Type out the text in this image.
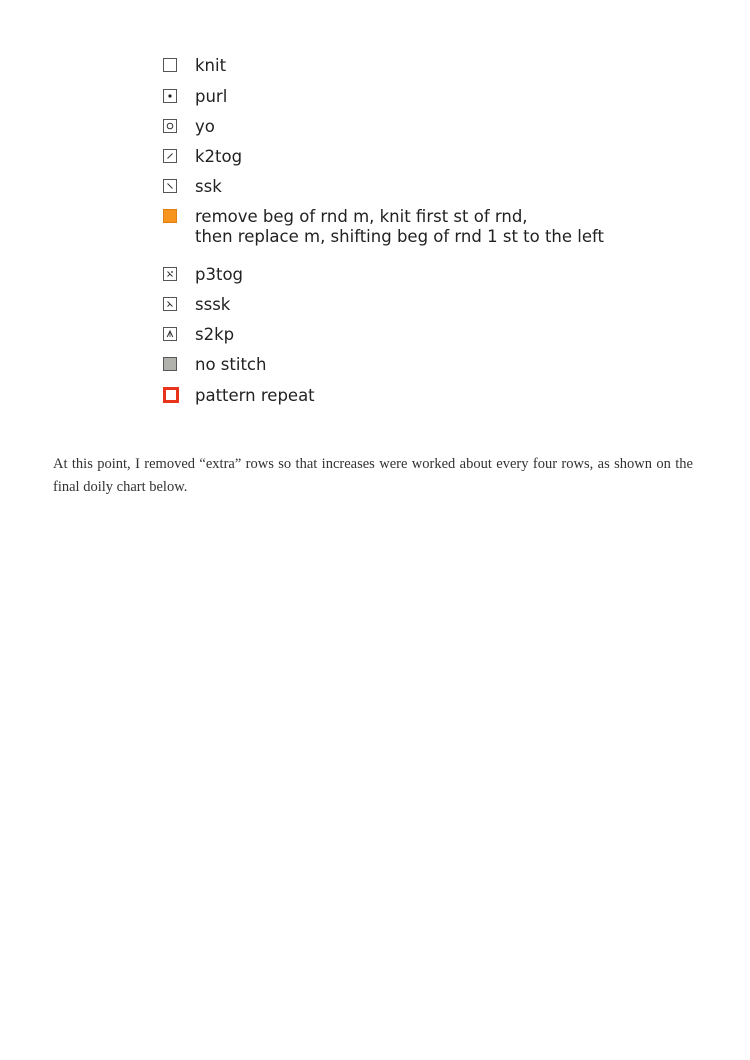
knit
purl
yo
k2tog
ssk
remove beg of rnd m, knit first st of rnd,
then replace m, shifting beg of rnd 1 st to the left
p3tog
sssk
s2kp
no stitch
pattern repeat

At this point, I removed “extra” rows so that increases were worked about every four rows, as shown on the final doily chart below.
